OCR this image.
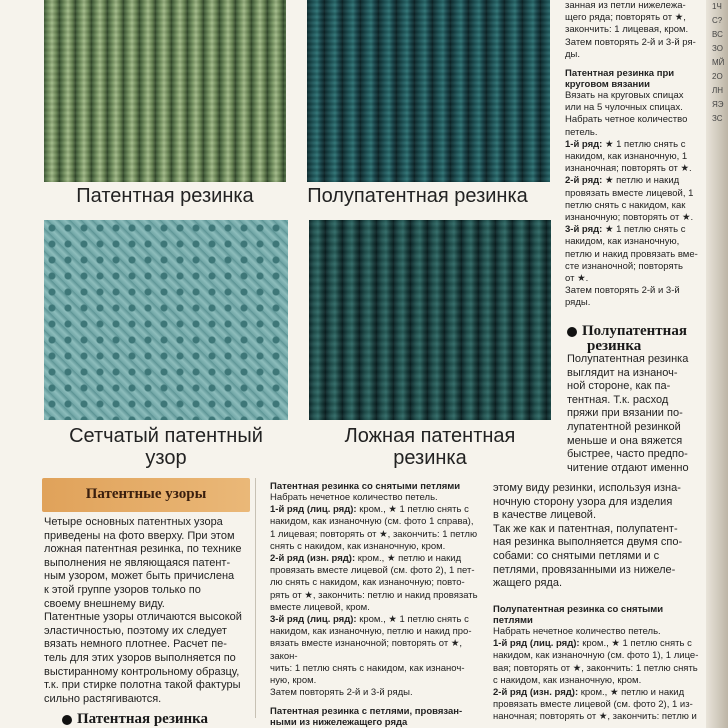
Патентная резинка	Полупатентная резинка
Сетчатый патентный
узор
Ложная патентная
резинка
занная из петли нижележа-
щего ряда; повторять от ★,
закончить: 1 лицевая, кром.
Затем повторять 2-й и 3-й ря-
ды.
Патентная резинка при
круговом вязании
Вязать на круговых спицах
или на 5 чулочных спицах.
Набрать четное количество
петель.
1-й ряд: ★ 1 петлю снять с
накидом, как изнаночную, 1
изнаночная; повторять от ★.
2-й ряд: ★ петлю и накид
провязать вместе лицевой, 1
петлю снять с накидом, как
изнаночную; повторять от ★.
3-й ряд: ★ 1 петлю снять с
накидом, как изнаночную,
петлю и накид провязать вме-
сте изнаночной; повторять
от ★.
Затем повторять 2-й и 3-й ряды.
Полупатентная
резинка
Полупатентная резинка
выглядит на изнаноч-
ной стороне, как па-
тентная. Т.к. расход
пряжи при вязании по-
лупатентной резинкой
меньше и она вяжется
быстрее, часто предпо-
читение отдают именно
этому виду резинки, используя изна-
ночную сторону узора для изделия
в качестве лицевой.
Так же как и патентная, полупатент-
ная резинка выполняется двумя спо-
собами: со снятыми петлями и с
петлями, провязанными из нижеле-
жащего ряда.
Полупатентная резинка со снятыми
петлями
Набрать нечетное количество петель.
1-й ряд (лиц. ряд): кром., ★ 1 петлю снять с
накидом, как изнаночную (см. фото 1), 1 лице-
вая; повторять от ★, закончить: 1 петлю снять
с накидом, как изнаночную, кром.
2-й ряд (изн. ряд): кром., ★ петлю и накид
провязать вместе лицевой (см. фото 2), 1 из-
наночная; повторять от ★, закончить: петлю и
Патентные узоры
Четыре основных патентных узора
приведены на фото вверху. При этом
ложная патентная резинка, по технике
выполнения не являющаяся патент-
ным узором, может быть причислена
к этой группе узоров только по
своему внешнему виду.
Патентные узоры отличаются высокой
эластичностью, поэтому их следует
вязать немного плотнее. Расчет пе-
тель для этих узоров выполняется по
выстиранному контрольному образцу,
т.к. при стирке полотна такой фактуры
сильно растягиваются.
Патентная резинка
Патентная резинка со снятыми петлями
Набрать нечетное количество петель.
1-й ряд (лиц. ряд): кром., ★ 1 петлю снять с
накидом, как изнаночную (см. фото 1 справа),
1 лицевая; повторять от ★, закончить: 1 петлю
снять с накидом, как изнаночную, кром.
2-й ряд (изн. ряд): кром., ★ петлю и накид
провязать вместе лицевой (см. фото 2), 1 пет-
лю снять с накидом, как изнаночную; повто-
рять от ★, закончить: петлю и накид провязать
вместе лицевой, кром.
3-й ряд (лиц. ряд): кром., ★ 1 петлю снять с
накидом, как изнаночную, петлю и накид про-
вязать вместе изнаночной; повторять от ★, закон-
чить: 1 петлю снять с накидом, как изнаноч-
ную, кром.
Затем повторять 2-й и 3-й ряды.
Патентная резинка с петлями, провязан-
ными из нижележащего ряда
1ЧС?ВСЗОМЙ2ОЛНЯЭЗС
